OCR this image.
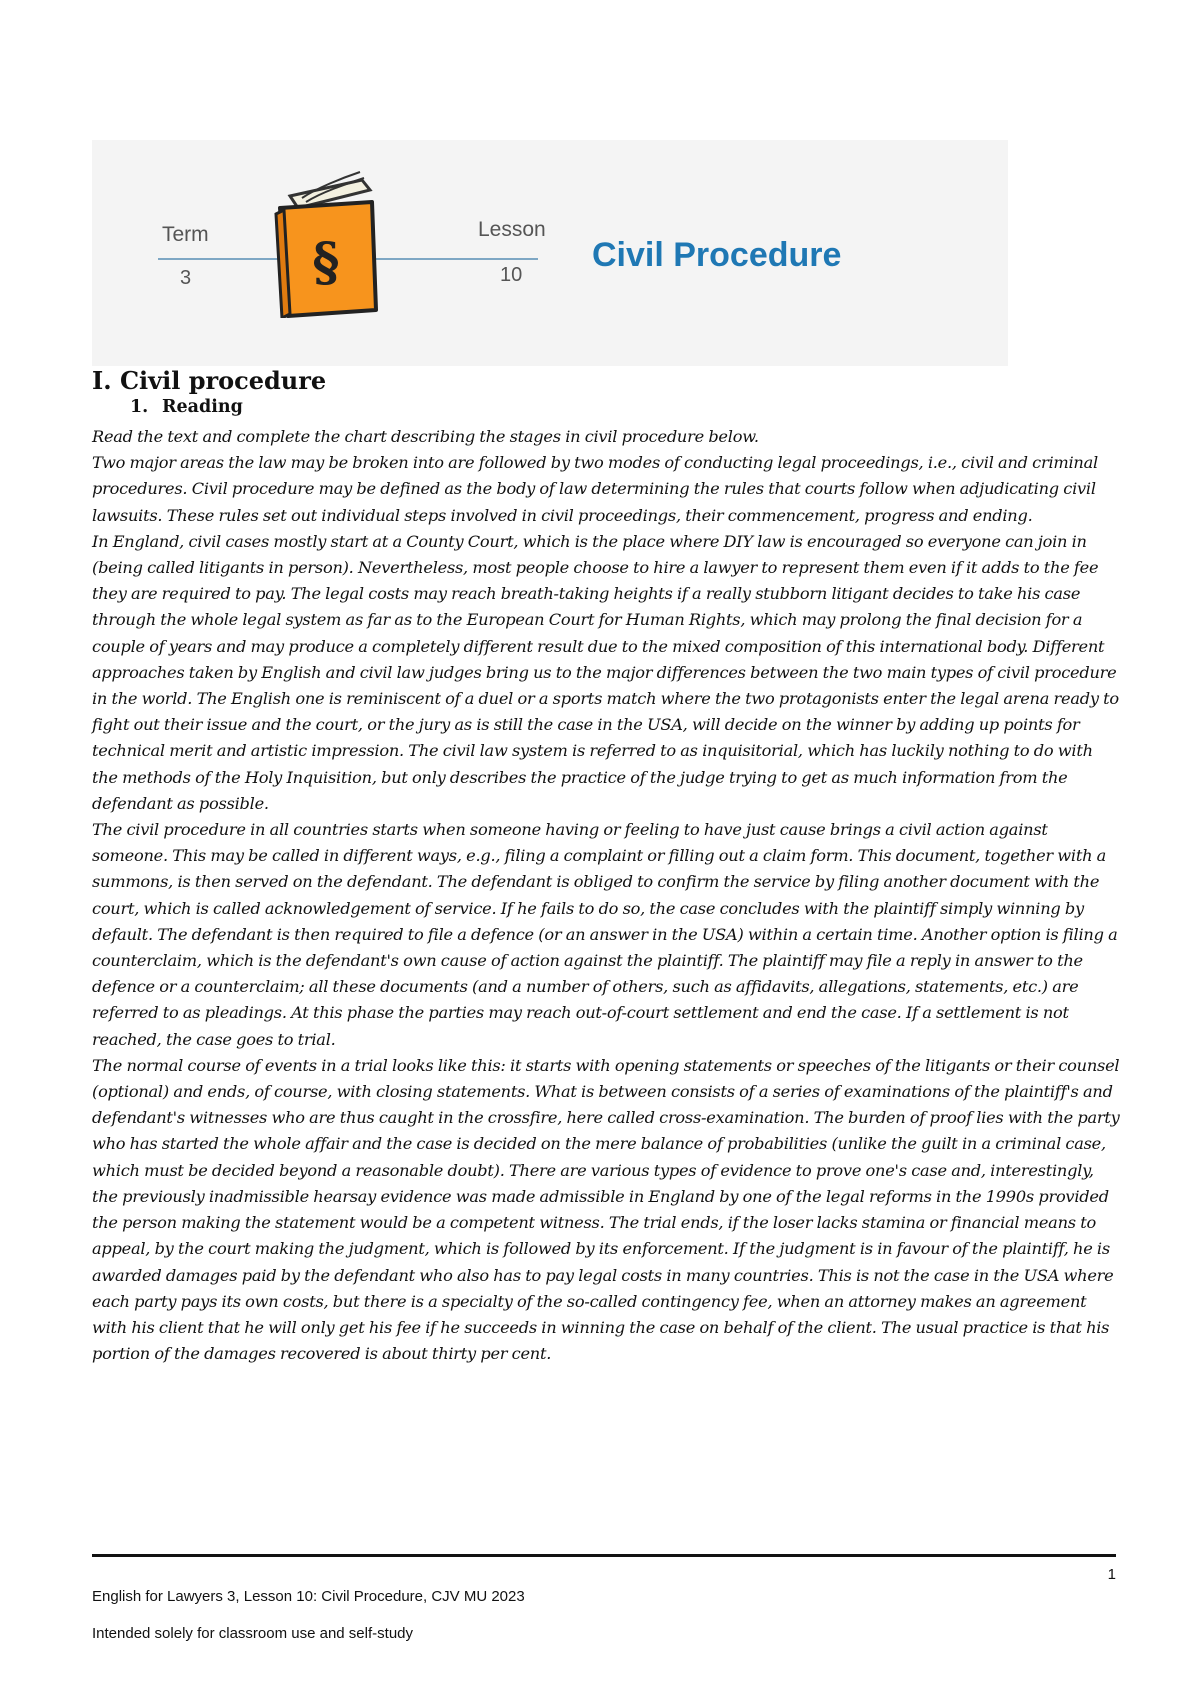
Term
3 §
Lesson
10
Civil Procedure
I. Civil procedure
1. Reading

Read the text and complete the chart describing the stages in civil procedure below.

Two major areas the law may be broken into are followed by two modes of conducting legal proceedings, i.e., civil and criminal procedures. Civil procedure may be defined as the body of law determining the rules that courts follow when adjudicating civil lawsuits. These rules set out individual steps involved in civil proceedings, their commencement, progress and ending.

In England, civil cases mostly start at a County Court, which is the place where DIY law is encouraged so everyone can join in (being called litigants in person). Nevertheless, most people choose to hire a lawyer to represent them even if it adds to the fee they are required to pay. The legal costs may reach breath-taking heights if a really stubborn litigant decides to take his case through the whole legal system as far as to the European Court for Human Rights, which may prolong the final decision for a couple of years and may produce a completely different result due to the mixed composition of this international body. Different approaches taken by English and civil law judges bring us to the major differences between the two main types of civil procedure in the world. The English one is reminiscent of a duel or a sports match where the two protagonists enter the legal arena ready to fight out their issue and the court, or the jury as is still the case in the USA, will decide on the winner by adding up points for technical merit and artistic impression. The civil law system is referred to as inquisitorial, which has luckily nothing to do with the methods of the Holy Inquisition, but only describes the practice of the judge trying to get as much information from the defendant as possible.

The civil procedure in all countries starts when someone having or feeling to have just cause brings a civil action against someone. This may be called in different ways, e.g., filing a complaint or filling out a claim form. This document, together with a summons, is then served on the defendant. The defendant is obliged to confirm the service by filing another document with the court, which is called acknowledgement of service. If he fails to do so, the case concludes with the plaintiff simply winning by default. The defendant is then required to file a defence (or an answer in the USA) within a certain time. Another option is filing a counterclaim, which is the defendant's own cause of action against the plaintiff. The plaintiff may file a reply in answer to the defence or a counterclaim; all these documents (and a number of others, such as affidavits, allegations, statements, etc.) are referred to as pleadings. At this phase the parties may reach out-of-court settlement and end the case. If a settlement is not reached, the case goes to trial.

The normal course of events in a trial looks like this: it starts with opening statements or speeches of the litigants or their counsel (optional) and ends, of course, with closing statements. What is between consists of a series of examinations of the plaintiff's and defendant's witnesses who are thus caught in the crossfire, here called cross-examination. The burden of proof lies with the party who has started the whole affair and the case is decided on the mere balance of probabilities (unlike the guilt in a criminal case, which must be decided beyond a reasonable doubt). There are various types of evidence to prove one's case and, interestingly, the previously inadmissible hearsay evidence was made admissible in England by one of the legal reforms in the 1990s provided the person making the statement would be a competent witness. The trial ends, if the loser lacks stamina or financial means to appeal, by the court making the judgment, which is followed by its enforcement. If the judgment is in favour of the plaintiff, he is awarded damages paid by the defendant who also has to pay legal costs in many countries. This is not the case in the USA where each party pays its own costs, but there is a specialty of the so-called contingency fee, when an attorney makes an agreement with his client that he will only get his fee if he succeeds in winning the case on behalf of the client. The usual practice is that his portion of the damages recovered is about thirty per cent.

1
English for Lawyers 3, Lesson 10: Civil Procedure, CJV MU 2023
Intended solely for classroom use and self-study
